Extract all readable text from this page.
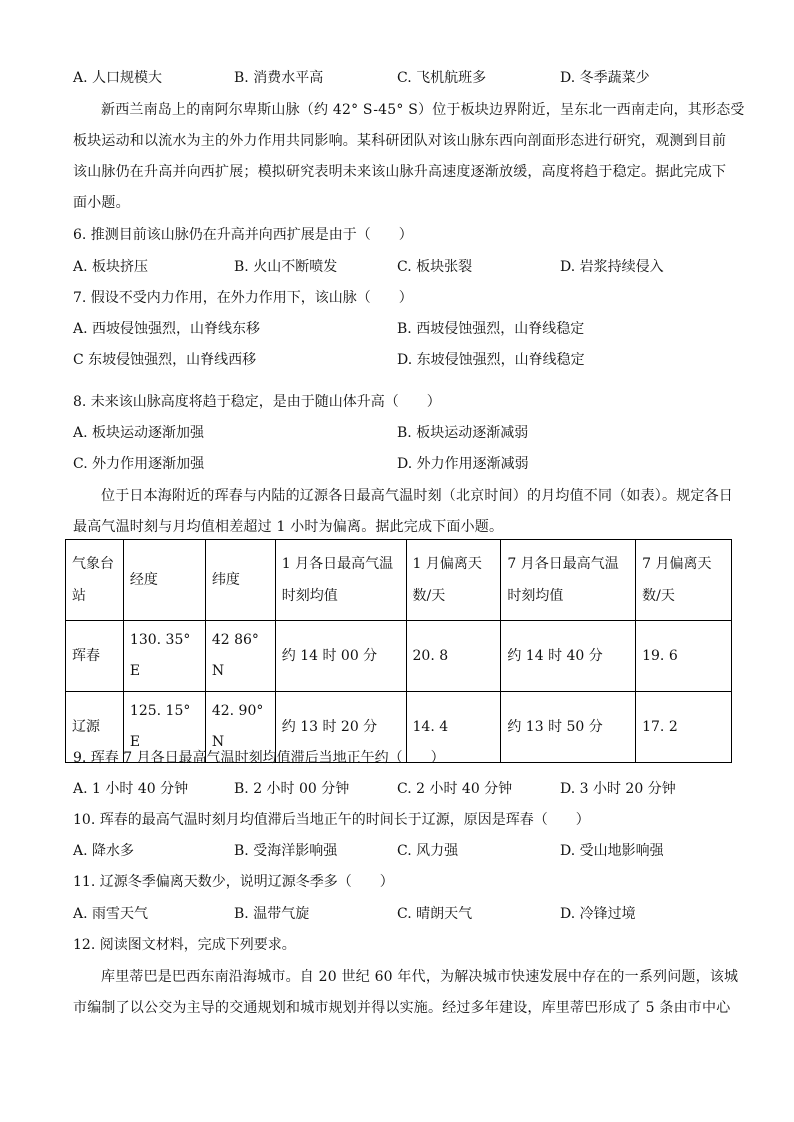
A. 人口规模大	B. 消费水平高	C. 飞机航班多	D. 冬季蔬菜少
新西兰南岛上的南阿尔卑斯山脉（约 42° S-45° S）位于板块边界附近，呈东北一西南走向，其形态受
板块运动和以流水为主的外力作用共同影响。某科研团队对该山脉东西向剖面形态进行研究，观测到目前
该山脉仍在升高并向西扩展；模拟研究表明未来该山脉升高速度逐渐放缓，高度将趋于稳定。据此完成下
面小题。
6. 推测目前该山脉仍在升高并向西扩展是由于（　　）
A. 板块挤压	B. 火山不断喷发	C. 板块张裂	D. 岩浆持续侵入
7. 假设不受内力作用，在外力作用下，该山脉（　　）
A. 西坡侵蚀强烈，山脊线东移	B. 西坡侵蚀强烈，山脊线稳定
C 东坡侵蚀强烈，山脊线西移	D. 东坡侵蚀强烈，山脊线稳定
8. 未来该山脉高度将趋于稳定，是由于随山体升高（　　）
A. 板块运动逐渐加强	B. 板块运动逐渐减弱
C. 外力作用逐渐加强	D. 外力作用逐渐减弱
位于日本海附近的珲春与内陆的辽源各日最高气温时刻（北京时间）的月均值不同（如表）。规定各日
最高气温时刻与月均值相差超过 1 小时为偏离。据此完成下面小题。
气象台站	经度	纬度	1 月各日最高气温时刻均值	1 月偏离天数/天	7 月各日最高气温时刻均值	7 月偏离天数/天
珲春	130. 35° E	42 86° N	约 14 时 00 分	20. 8	约 14 时 40 分	19. 6
辽源	125. 15° E	42. 90° N	约 13 时 20 分	14. 4	约 13 时 50 分	17. 2
9. 珲春 7 月各日最高气温时刻均值滞后当地正午约（　　）
A. 1 小时 40 分钟	B. 2 小时 00 分钟	C. 2 小时 40 分钟	D. 3 小时 20 分钟
10. 珲春的最高气温时刻月均值滞后当地正午的时间长于辽源，原因是珲春（　　）
A. 降水多	B. 受海洋影响强	C. 风力强	D. 受山地影响强
11. 辽源冬季偏离天数少，说明辽源冬季多（　　）
A. 雨雪天气	B. 温带气旋	C. 晴朗天气	D. 冷锋过境
12. 阅读图文材料，完成下列要求。
库里蒂巴是巴西东南沿海城市。自 20 世纪 60 年代，为解决城市快速发展中存在的一系列问题，该城
市编制了以公交为主导的交通规划和城市规划并得以实施。经过多年建设，库里蒂巴形成了 5 条由市中心
